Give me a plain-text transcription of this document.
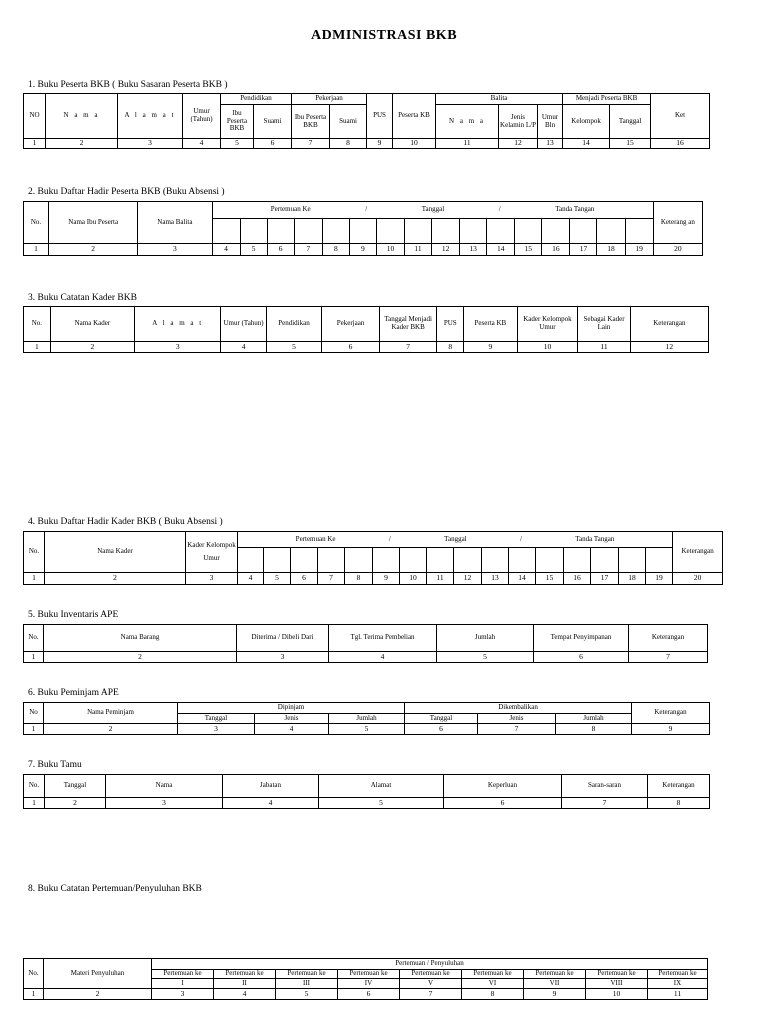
ADMINISTRASI BKB
1. Buku Peserta BKB ( Buku Sasaran Peserta BKB )
NO	N a m a	A l a m a t	Umur (Tahun)	Pendidikan		Pekerjaan		PUS	Peserta KB	Balita			Menjadi Peserta BKB		Ket
				Ibu Peserta BKB	Suami	Ibu Peserta BKB	Suami			N a m a	Jenis Kelamin L/P	Umur Bln	Kelompok	Tanggal	
1	2	3	4	5	6	7	8	9	10	11	12	13	14	15	16
2. Buku Daftar Hadir Peserta BKB (Buku Absensi )
No.	Nama Ibu Peserta	Nama Balita	Pertemuan Ke / Tanggal / Tanda Tangan																Keterang an

1	2	3	4	5	6	7	8	9	10	11	12	13	14	15	16	17	18	19	20
3. Buku Catatan Kader BKB
No.	Nama Kader	A l a m a t	Umur (Tahun)	Pendidikan	Pekerjaan	Tanggal Menjadi Kader BKB	PUS	Peserta KB	Kader Kelompok Umur	Sebagai Kader Lain	Keterangan
1	2	3	4	5	6	7	8	9	10	11	12
4. Buku Daftar Hadir Kader BKB ( Buku Absensi )
No.	Nama Kader	Kader Kelompok Umur	Pertemuan Ke / Tanggal / Tanda Tangan																Keterangan

1	2	3	4	5	6	7	8	9	10	11	12	13	14	15	16	17	18	19	20
5. Buku Inventaris APE
No.	Nama Barang	Diterima / Dibeli Dari	Tgl. Terima Pembelian	Jumlah	Tempat Penyimpanan	Keterangan
1	2	3	4	5	6	7
6. Buku Peminjam APE
No	Nama Peminjam	Dipinjam			Dikembalikan			Keterangan
		Tanggal	Jenis	Jumlah	Tanggal	Jenis	Jumlah	
1	2	3	4	5	6	7	8	9
7. Buku Tamu
No.	Tanggal	Nama	Jabatan	Alamat	Keperluan	Saran-saran	Keterangan
1	2	3	4	5	6	7	8
8. Buku Catatan Pertemuan/Penyuluhan BKB
No.	Materi Penyuluhan	Pertemuan / Penyuluhan								
		Pertemuan ke	Pertemuan ke	Pertemuan ke	Pertemuan ke	Pertemuan ke	Pertemuan ke	Pertemuan ke	Pertemuan ke	Pertemuan ke
		I	II	III	IV	V	VI	VII	VIII	IX
1	2	3	4	5	6	7	8	9	10	11
